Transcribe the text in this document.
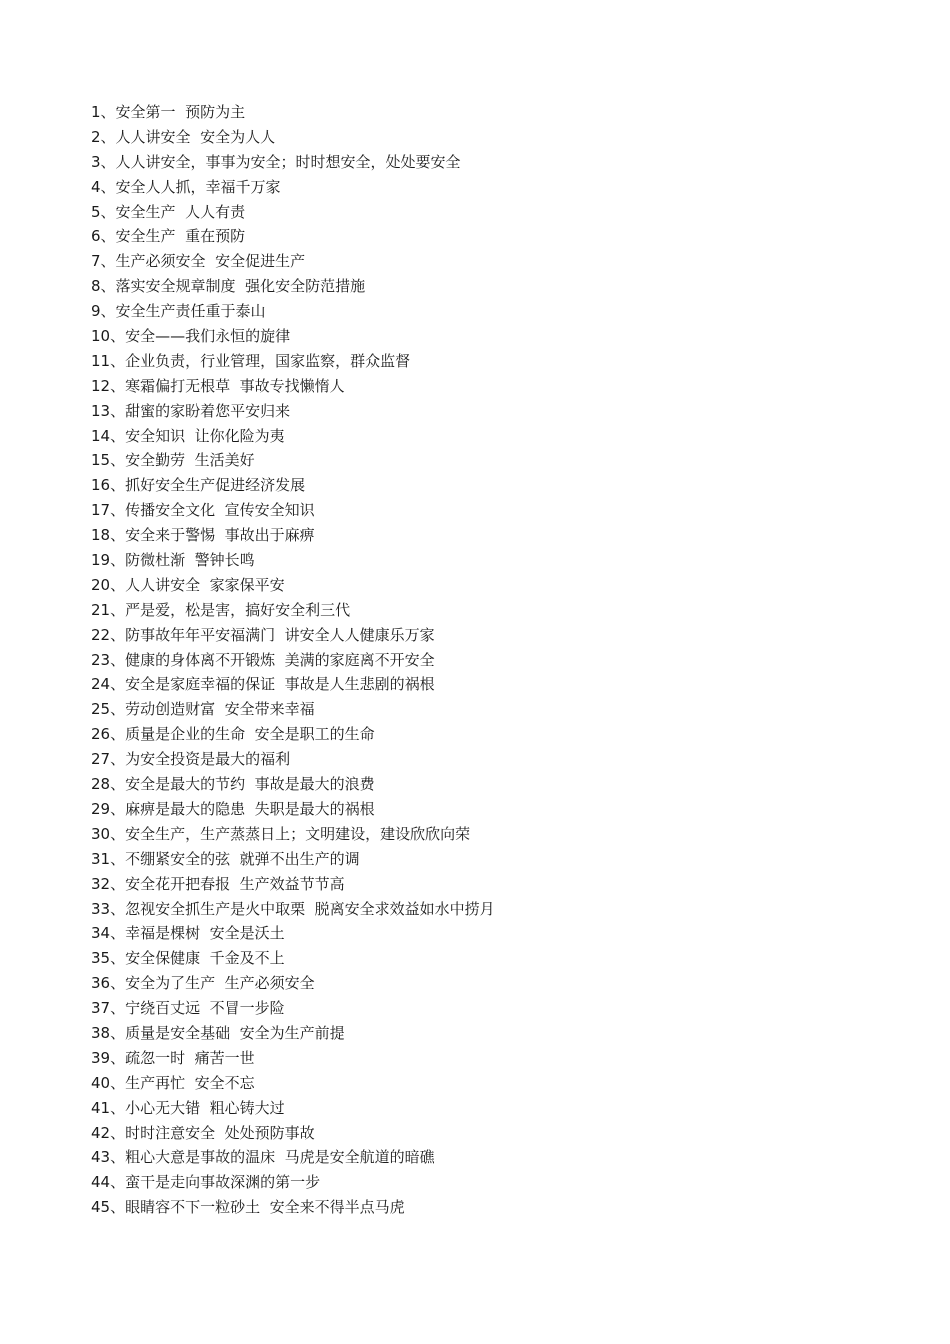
1、安全第一  预防为主
2、人人讲安全  安全为人人
3、人人讲安全，事事为安全；时时想安全，处处要安全
4、安全人人抓，幸福千万家
5、安全生产  人人有责
6、安全生产  重在预防
7、生产必须安全  安全促进生产
8、落实安全规章制度  强化安全防范措施
9、安全生产责任重于泰山
10、安全——我们永恒的旋律
11、企业负责，行业管理，国家监察，群众监督
12、寒霜偏打无根草  事故专找懒惰人
13、甜蜜的家盼着您平安归来
14、安全知识  让你化险为夷
15、安全勤劳  生活美好
16、抓好安全生产促进经济发展
17、传播安全文化  宣传安全知识
18、安全来于警惕  事故出于麻痹
19、防微杜渐  警钟长鸣
20、人人讲安全  家家保平安
21、严是爱，松是害，搞好安全利三代
22、防事故年年平安福满门  讲安全人人健康乐万家
23、健康的身体离不开锻炼  美满的家庭离不开安全
24、安全是家庭幸福的保证  事故是人生悲剧的祸根
25、劳动创造财富  安全带来幸福
26、质量是企业的生命  安全是职工的生命
27、为安全投资是最大的福利
28、安全是最大的节约  事故是最大的浪费
29、麻痹是最大的隐患  失职是最大的祸根
30、安全生产，生产蒸蒸日上；文明建设，建设欣欣向荣
31、不绷紧安全的弦  就弹不出生产的调
32、安全花开把春报  生产效益节节高
33、忽视安全抓生产是火中取栗  脱离安全求效益如水中捞月
34、幸福是棵树  安全是沃土
35、安全保健康  千金及不上
36、安全为了生产  生产必须安全
37、宁绕百丈远  不冒一步险
38、质量是安全基础  安全为生产前提
39、疏忽一时  痛苦一世
40、生产再忙  安全不忘
41、小心无大错  粗心铸大过
42、时时注意安全  处处预防事故
43、粗心大意是事故的温床  马虎是安全航道的暗礁
44、蛮干是走向事故深渊的第一步
45、眼睛容不下一粒砂土  安全来不得半点马虎
